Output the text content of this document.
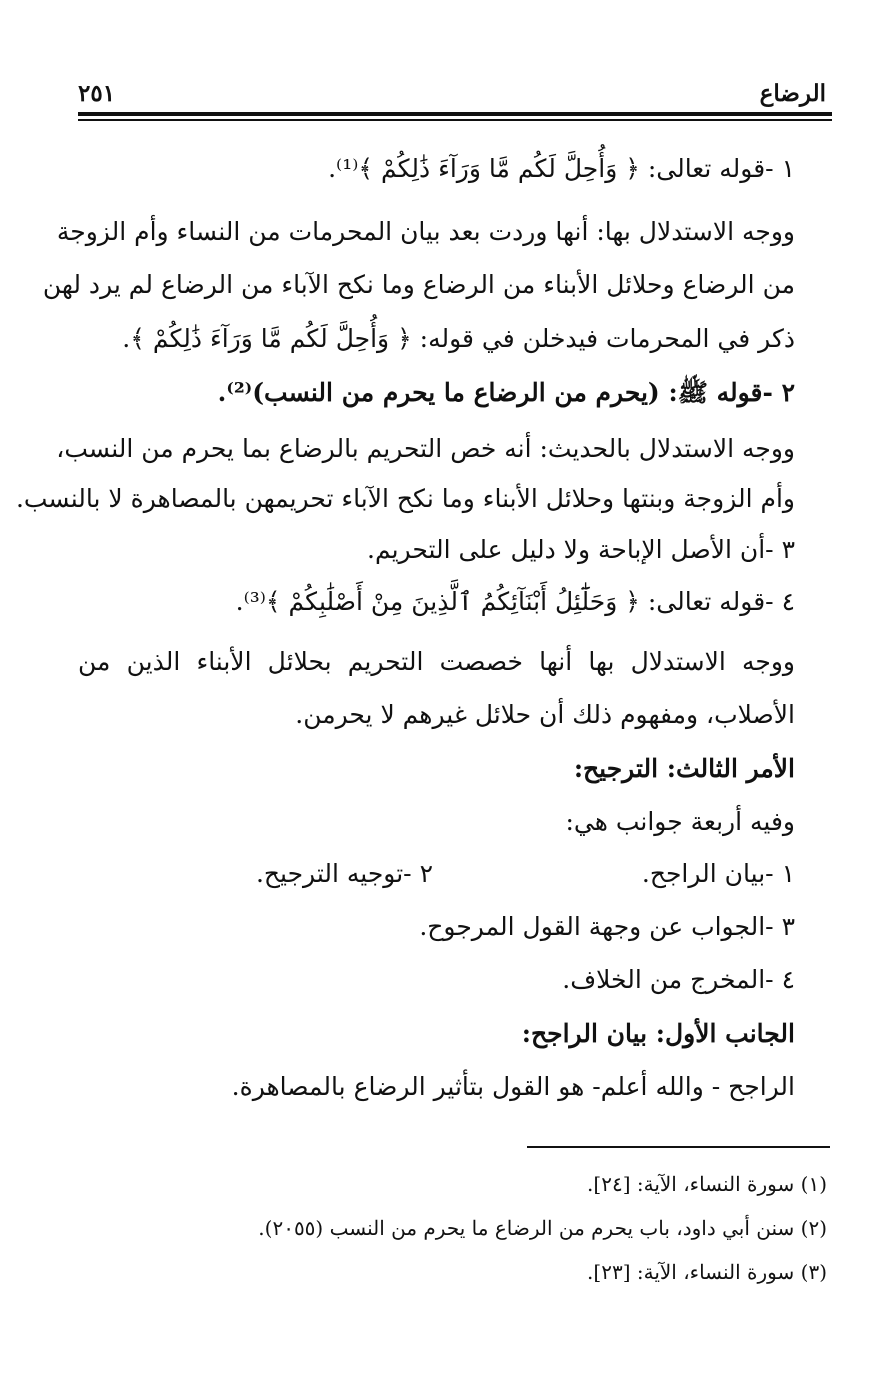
الرضاع
٢٥١
١ -قوله تعالى: ﴿ وَأُحِلَّ لَكُم مَّا وَرَآءَ ذَٰلِكُمْ ﴾⁽¹⁾.
ووجه الاستدلال بها: أنها وردت بعد بيان المحرمات من النساء وأم الزوجة
من الرضاع وحلائل الأبناء من الرضاع وما نكح الآباء من الرضاع لم يرد لهن
ذكر في المحرمات فيدخلن في قوله: ﴿ وَأُحِلَّ لَكُم مَّا وَرَآءَ ذَٰلِكُمْ ﴾.
٢ -قوله ﷺ: (يحرم من الرضاع ما يحرم من النسب)⁽²⁾.
ووجه الاستدلال بالحديث: أنه خص التحريم بالرضاع بما يحرم من النسب،
وأم الزوجة وبنتها وحلائل الأبناء وما نكح الآباء تحريمهن بالمصاهرة لا بالنسب.
٣ -أن الأصل الإباحة ولا دليل على التحريم.
٤ -قوله تعالى: ﴿ وَحَلَٰٓئِلُ أَبْنَآئِكُمُ ٱلَّذِينَ مِنْ أَصْلَٰبِكُمْ ﴾⁽³⁾.
ووجه الاستدلال بها أنها خصصت التحريم بحلائل الأبناء الذين من
الأصلاب، ومفهوم ذلك أن حلائل غيرهم لا يحرمن.
الأمر الثالث: الترجيح:
وفيه أربعة جوانب هي:
١ -بيان الراجح.
٢ -توجيه الترجيح.
٣ -الجواب عن وجهة القول المرجوح.
٤ -المخرج من الخلاف.
الجانب الأول: بيان الراجح:
الراجح - والله أعلم- هو القول بتأثير الرضاع بالمصاهرة.
(١) سورة النساء، الآية: [٢٤].
(٢) سنن أبي داود، باب يحرم من الرضاع ما يحرم من النسب (٢٠٥٥).
(٣) سورة النساء، الآية: [٢٣].
